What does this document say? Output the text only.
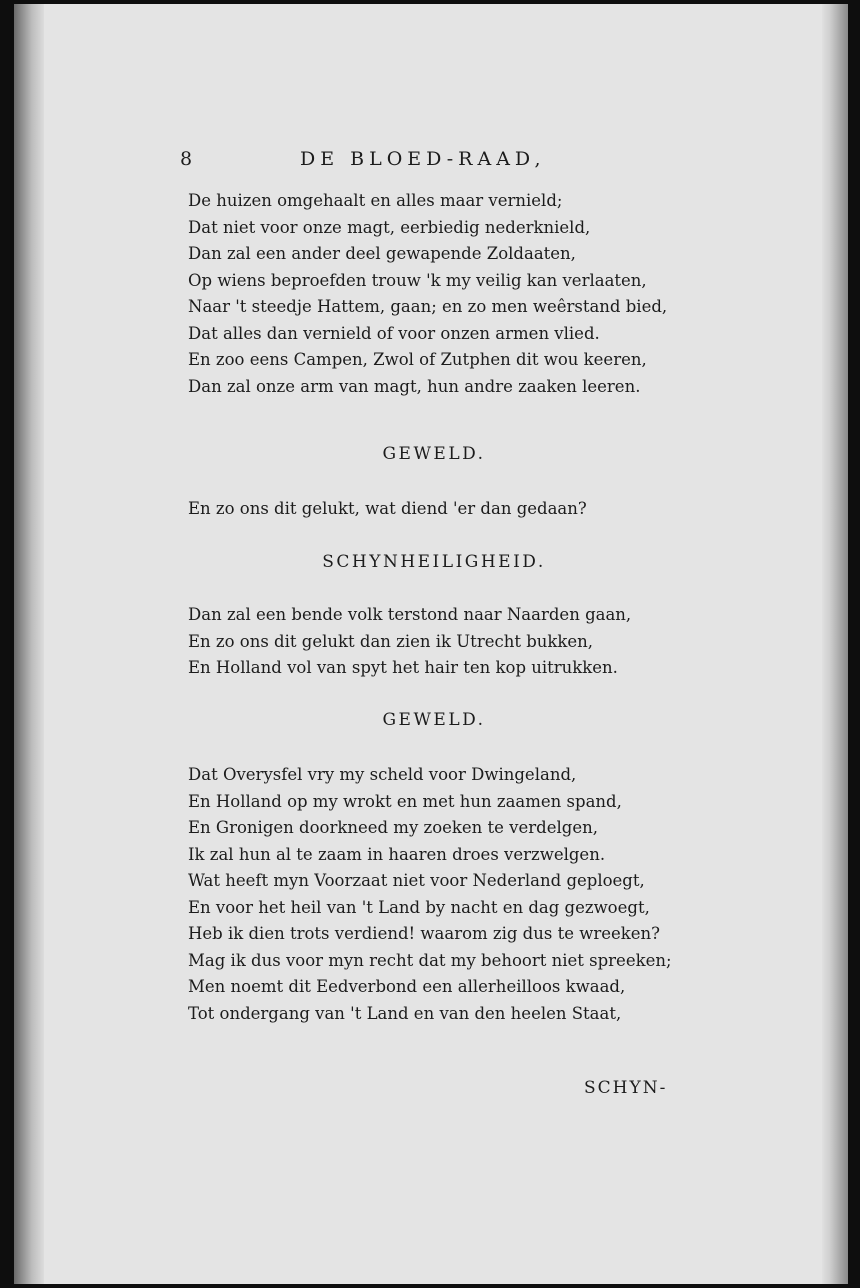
8	DE BLOED-RAAD,
De huizen omgehaalt en alles maar vernield;
Dat niet voor onze magt, eerbiedig nederknield,
Dan zal een ander deel gewapende Zoldaaten,
Op wiens beproefden trouw 'k my veilig kan verlaaten,
Naar 't steedje Hattem, gaan; en zo men weêrstand bied,
Dat alles dan vernield of voor onzen armen vlied.
En zoo eens Campen, Zwol of Zutphen dit wou keeren,
Dan zal onze arm van magt, hun andre zaaken leeren.
GEWELD.
En zo ons dit gelukt, wat diend 'er dan gedaan?
SCHYNHEILIGHEID.
Dan zal een bende volk terstond naar Naarden gaan,
En zo ons dit gelukt dan zien ik Utrecht bukken,
En Holland vol van spyt het hair ten kop uitrukken.
GEWELD.
Dat Overysfel vry my scheld voor Dwingeland,
En Holland op my wrokt en met hun zaamen spand,
En Gronigen doorkneed my zoeken te verdelgen,
Ik zal hun al te zaam in haaren droes verzwelgen.
Wat heeft myn Voorzaat niet voor Nederland geploegt,
En voor het heil van 't Land by nacht en dag gezwoegt,
Heb ik dien trots verdiend! waarom zig dus te wreeken?
Mag ik dus voor myn recht dat my behoort niet spreeken;
Men noemt dit Eedverbond een allerheilloos kwaad,
Tot ondergang van 't Land en van den heelen Staat,
SCHYN-
